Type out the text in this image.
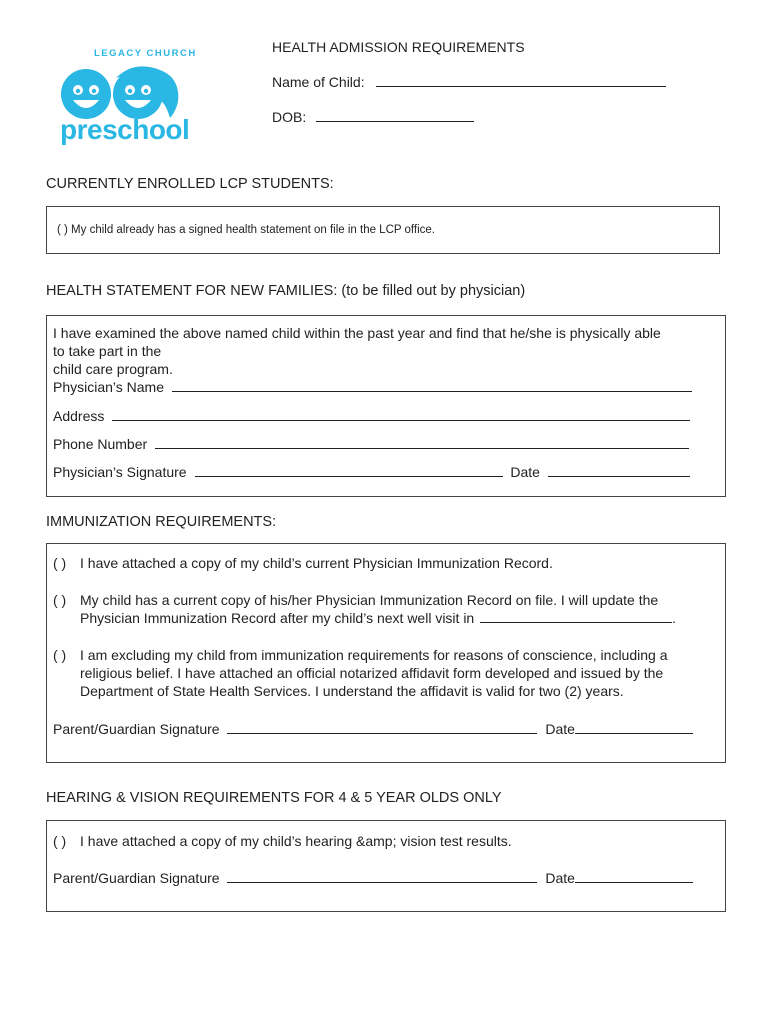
LEGACY CHURCH
preschool
HEALTH ADMISSION REQUIREMENTS
Name of Child:
DOB:
CURRENTLY ENROLLED LCP STUDENTS:
( ) My child already has a signed health statement on file in the LCP office.
HEALTH STATEMENT FOR NEW FAMILIES: (to be filled out by physician)
I have examined the above named child within the past year and find that he/she is physically able
to take part in the
child care program.
Physician’s Name
Address
Phone Number
Physician’s Signature	Date
IMMUNIZATION REQUIREMENTS:
( ) I have attached a copy of my child’s current Physician Immunization Record.
( ) My child has a current copy of his/her Physician Immunization Record on file. I will update the
Physician Immunization Record after my child’s next well visit in	.
( ) I am excluding my child from immunization requirements for reasons of conscience, including a religious belief. I have attached an official notarized affidavit form developed and issued by the Department of State Health Services. I understand the affidavit is valid for two (2) years.
Parent/Guardian Signature	Date
HEARING & VISION REQUIREMENTS FOR 4 & 5 YEAR OLDS ONLY
( ) I have attached a copy of my child’s hearing &amp; vision test results.
Parent/Guardian Signature	Date
